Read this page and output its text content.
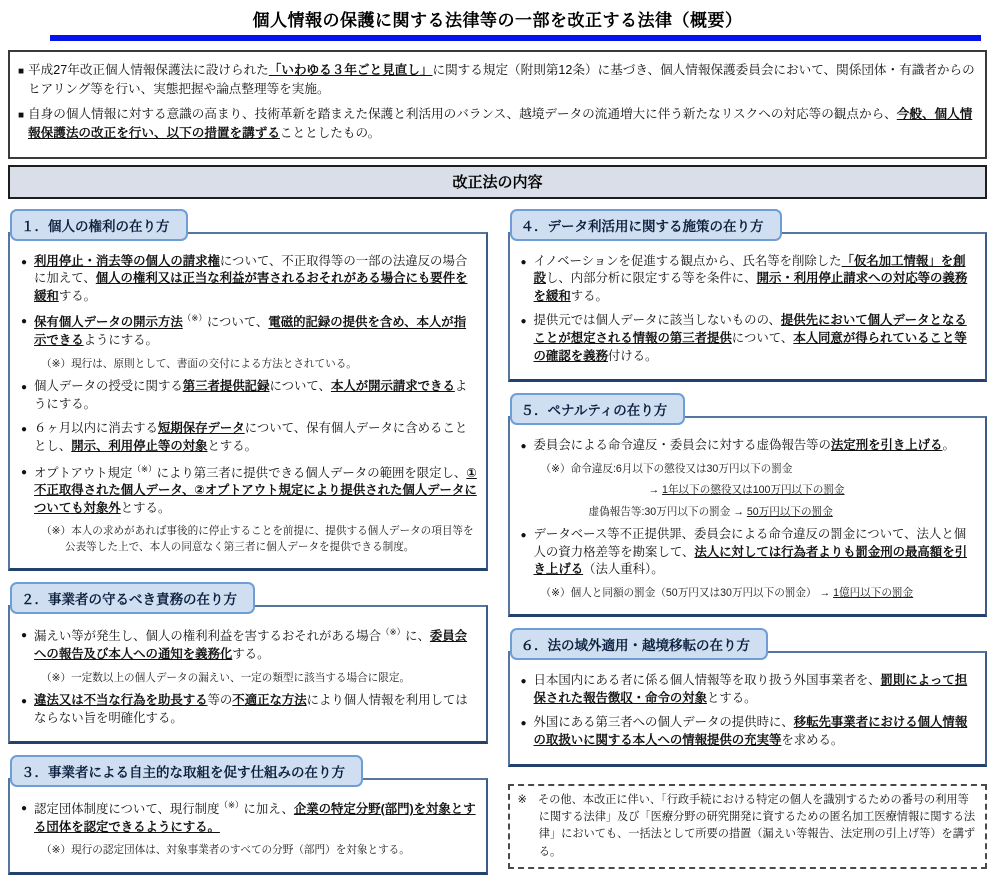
個人情報の保護に関する法律等の一部を改正する法律（概要）
■ 平成27年改正個人情報保護法に設けられた「いわゆる３年ごと見直し」に関する規定（附則第12条）に基づき、個人情報保護委員会において、関係団体・有識者からのヒアリング等を行い、実態把握や論点整理等を実施。
■ 自身の個人情報に対する意識の高まり、技術革新を踏まえた保護と利活用のバランス、越境データの流通増大に伴う新たなリスクへの対応等の観点から、今般、個人情報保護法の改正を行い、以下の措置を講ずることとしたもの。
改正法の内容
１．個人の権利の在り方
● 利用停止・消去等の個人の請求権について、不正取得等の一部の法違反の場合に加えて、個人の権利又は正当な利益が害されるおそれがある場合にも要件を緩和する。
● 保有個人データの開示方法（※）について、電磁的記録の提供を含め、本人が指示できるようにする。
（※）現行は、原則として、書面の交付による方法とされている。
● 個人データの授受に関する第三者提供記録について、本人が開示請求できるようにする。
● ６ヶ月以内に消去する短期保存データについて、保有個人データに含めることとし、開示、利用停止等の対象とする。
● オプトアウト規定（※）により第三者に提供できる個人データの範囲を限定し、①不正取得された個人データ、②オプトアウト規定により提供された個人データについても対象外とする。
（※）本人の求めがあれば事後的に停止することを前提に、提供する個人データの項目等を公表等した上で、本人の同意なく第三者に個人データを提供できる制度。
２．事業者の守るべき責務の在り方
● 漏えい等が発生し、個人の権利利益を害するおそれがある場合（※）に、委員会への報告及び本人への通知を義務化する。
（※）一定数以上の個人データの漏えい、一定の類型に該当する場合に限定。
● 違法又は不当な行為を助長する等の不適正な方法により個人情報を利用してはならない旨を明確化する。
３．事業者による自主的な取組を促す仕組みの在り方
● 認定団体制度について、現行制度（※）に加え、企業の特定分野(部門)を対象とする団体を認定できるようにする。
（※）現行の認定団体は、対象事業者のすべての分野（部門）を対象とする。
４．データ利活用に関する施策の在り方
● イノベーションを促進する観点から、氏名等を削除した「仮名加工情報」を創設し、内部分析に限定する等を条件に、開示・利用停止請求への対応等の義務を緩和する。
● 提供元では個人データに該当しないものの、提供先において個人データとなることが想定される情報の第三者提供について、本人同意が得られていること等の確認を義務付ける。
５．ペナルティの在り方
● 委員会による命令違反・委員会に対する虚偽報告等の法定刑を引き上げる。
（※）命令違反:6月以下の懲役又は30万円以下の罰金
→ 1年以下の懲役又は100万円以下の罰金
虚偽報告等:30万円以下の罰金 → 50万円以下の罰金
● データベース等不正提供罪、委員会による命令違反の罰金について、法人と個人の資力格差等を勘案して、法人に対しては行為者よりも罰金刑の最高額を引き上げる（法人重科）。
（※）個人と同額の罰金（50万円又は30万円以下の罰金） → 1億円以下の罰金
６．法の域外適用・越境移転の在り方
● 日本国内にある者に係る個人情報等を取り扱う外国事業者を、罰則によって担保された報告徴収・命令の対象とする。
● 外国にある第三者への個人データの提供時に、移転先事業者における個人情報の取扱いに関する本人への情報提供の充実等を求める。
※　その他、本改正に伴い、「行政手続における特定の個人を識別するための番号の利用等に関する法律」及び「医療分野の研究開発に資するための匿名加工医療情報に関する法律」においても、一括法として所要の措置（漏えい等報告、法定刑の引上げ等）を講ずる。
